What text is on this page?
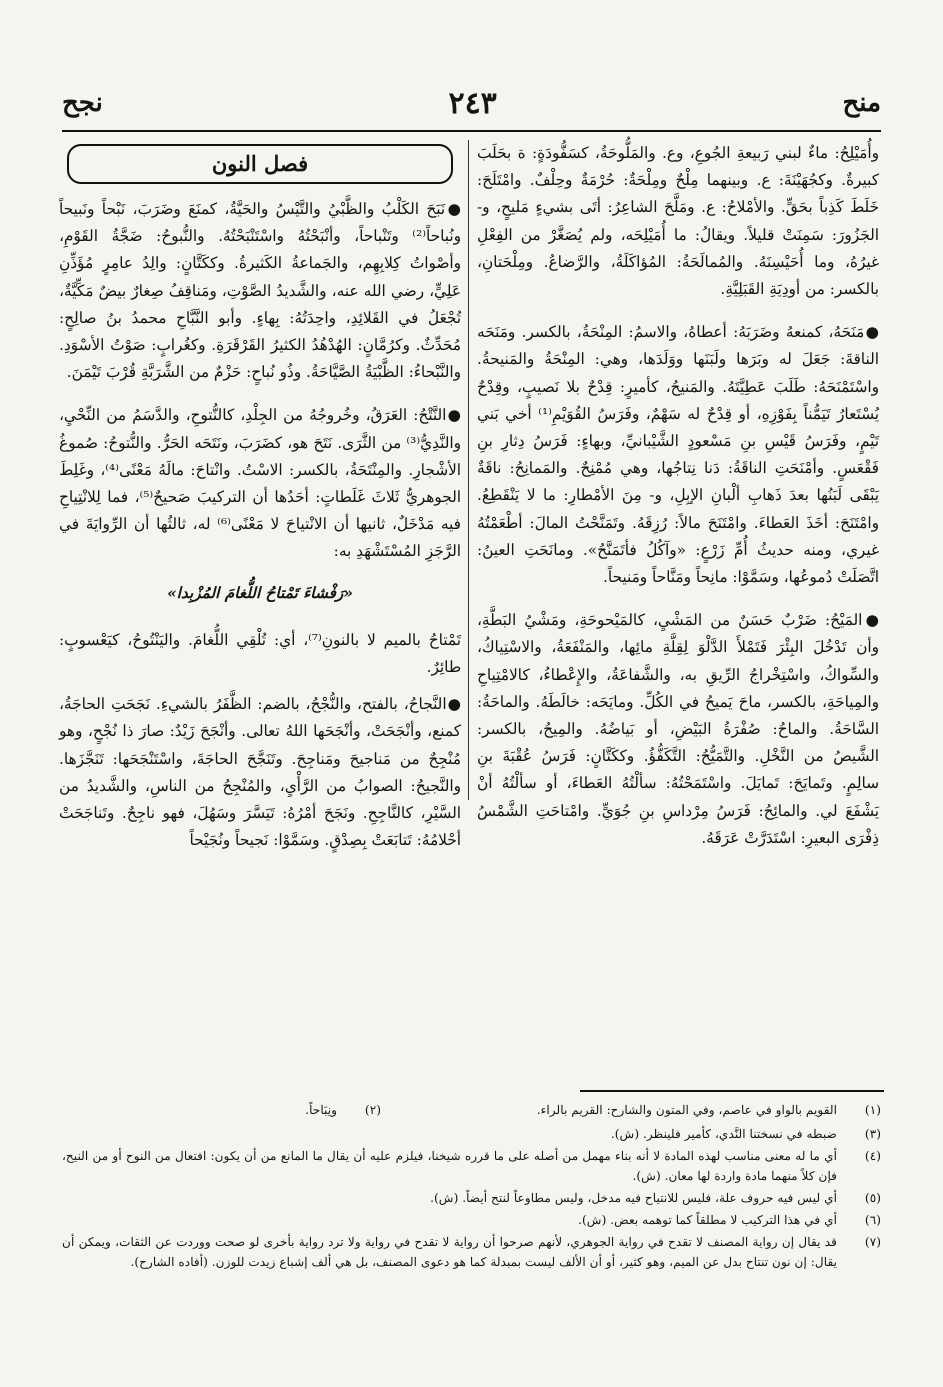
منح
٢٤٣
نجح

وأُمَيْلِحُ: ماءٌ لبني رَبيعةِ الجُوعِ، وع. والمَلُّوحَةُ، كسَفُّودَةٍ: ة بحَلَبَ كبيرةٌ. وكجُهَيْنَةَ: ع. وبينهما مِلْحٌ ومِلْحَةٌ: حُرْمَةٌ وحِلْفٌ. وامْتَلَحَ: خَلَطَ كَذِباً بحَقٍّ. والأمْلاحُ: ع. ومَلَّحَ الشاعِرُ: أتَى بشيءٍ مَليحٍ، و- الجَزُورَ: سَمِنَتْ قليلاً. ويقالُ: ما أُمَيْلِحَه، ولم يُصَغَّرْ من الفِعْلِ غيرُهُ، وما أُحَيْسِنَهُ. والمُمالَحَةُ: المُؤاكَلَةُ، والرَّضاعُ. ومِلْحَتانِ، بالكسر: من أودِيَةِ القَبَلِيَّةِ.

●مَنَحَهُ، كمنعهُ وضَرَبَهُ: أعطاهُ، والاسمُ: المِنْحَةُ، بالكسر. ومَنَحَه الناقةَ: جَعَلَ له وبَرَها ولَبَنَها ووَلَدَها، وهي: المِنْحَةُ والمَنيحةُ. واسْتَمْنَحَهُ: طَلَبَ عَطِيَّتَهُ. والمَنيحُ، كأميرٍ: قِدْحٌ بلا نَصيبٍ، وقِدْحٌ يُسْتَعارُ تَيَمُّناً بِفَوْزِهِ، أو قِدْحٌ له سَهْمٌ، وفَرَسُ القُوَيْمِ⁽¹⁾ أخي بَني تَيْمٍ، وفَرَسُ قَيْسِ بنِ مَسْعودٍ الشَّيْبانيِّ، وبهاءٍ: فَرَسُ دِثارِ بنِ فَقْعَسٍ. وأمْنَحَتِ الناقَةُ: دَنا نِتاجُها، وهي مُمْنِحٌ. والمَمانِحُ: ناقَةٌ يَبْقَى لَبَنُها بعدَ ذَهابِ ألْبانِ الإبِلِ، و- مِنَ الأمْطارِ: ما لا يَنْقَطِعُ. وامْتَنَحَ: أخَذَ العَطاءَ. وامْتَنَحَ مالاً: رُزِقَهُ. وتَمَنَّحْتُ المالَ: أطْعَمْتُهُ غيري، ومنه حديثُ أُمِّ زَرْعٍ: «وآكُلُ فأتَمَنَّحُ». ومانَحَتِ العينُ: اتَّصَلَتْ دُموعُها، وسَمَّوْا: مانِحاً ومَنَّاحاً ومَنيحاً.

●المَيْحُ: ضَرْبٌ حَسَنٌ من المَشْيِ، كالمَيْحوحَةِ، ومَشْيُ البَطَّةِ، وأن تَدْخُلَ البِئْرَ فَتَمْلأَ الدَّلْوَ لِقِلَّةِ مائِها، والمَنْفَعَةُ، والاسْتِياكُ، والسِّواكُ، واسْتِخْراجُ الرِّيقِ به، والشَّفاعَةُ، والإِعْطاءُ، كالامْتِياحِ والمِياحَةِ، بالكسر، ماحَ يَميحُ في الكُلِّ. ومايَحَه: خالَطَهُ. والماحَةُ: السَّاحَةُ. والماحُ: صُفْرَةُ البَيْضِ، أو بَياضُهُ. والمِيحُ، بالكسر: الشَّيصُ من النَّخْلِ. والتَّمَيُّحُ: التَّكَفُّؤُ. وككَتَّانٍ: فَرَسُ عُقْبَةَ بنِ سالِمٍ. وتَمايَحَ: تَمايَلَ. واسْتَمَحْتُهُ: سألْتُهُ العَطاءَ، أو سألْتُهُ أنْ يَشْفَعَ لي. والمائِحُ: فَرَسُ مِرْداسِ بنِ جُوَيٍّ. وامْتاحَتِ الشَّمْسُ ذِفْرَى البعيرِ: اسْتَدَرَّتْ عَرَقَهُ.

فصل النون

●نَبَحَ الكَلْبُ والظَّبْيُ والتَّيْسُ والحَيَّةُ، كمنَعَ وضَرَبَ، نَبْحاً ونَبيحاً ونُباحاً⁽²⁾ وتَنْباحاً، وأنْبَحْتُهُ واسْتَنْبَحْتُهُ. والنُّبوحُ: ضَجَّةُ القَوْمِ، وأصْواتُ كِلابِهِم، والجَماعةُ الكَثيرةُ. وككَتَّانٍ: والِدُ عامِرٍ مُؤَذِّنِ عَلِيٍّ، رضي الله عنه، والشَّديدُ الصَّوْتِ، ومَناقِفُ صِغارٌ بيضٌ مَكِّيَّةٌ، تُجْعَلُ في القَلائِدِ، واحِدَتُهُ: بِهاءٍ. وأبو النَّبَّاحِ محمدُ بنُ صالِحٍ: مُحَدِّثٌ. وكرُمَّانٍ: الهُدْهُدُ الكثيرُ القَرْقَرَةِ. وكغُرابٍ: صَوْتُ الأسْوَدِ. والنَّبْحاءُ: الظَّبْيَةُ الصَّيَّاحَةُ. وذُو نُباحٍ: حَزْمٌ من الشَّرَبَّةِ قُرْبَ تَيْمَنَ.

●النَّتْحُ: العَرَقُ، وخُروجُهُ من الجِلْدِ، كالنُّتوحِ، والدَّسَمُ من النِّحْيِ، والنَّدِيُّ⁽³⁾ من الثَّرَى. نَتَحَ هو، كضَرَبَ، ونَتَحَه الحَرُّ. والنُّتوحُ: صُموغُ الأشْجارِ. والمِنْتَحَةُ، بالكسر: الاسْتُ. وانْتاحَ: مالَهُ مَعْنًى⁽⁴⁾، وغَلِطَ الجوهريُّ ثَلاثَ غَلَطاتٍ: أحَدُها أن التركيبَ صَحيحٌ⁽⁵⁾، فما لِلانْتِياحِ فيه مَدْخَلٌ، ثانيها أن الانْتياحَ لا مَعْنًى⁽⁶⁾ له، ثالثُها أن الرِّوايَةَ في الرَّجَزِ المُسْتَشْهَدِ به:

«رَفْشاءَ تَمْتاحُ اللُّغامَ المُزْبِدا»

تَمْتاحُ بالميم لا بالنونِ⁽⁷⁾، أي: تُلْقِي اللُّغامَ. واليَنْتُوحُ، كيَعْسوبٍ: طائِرٌ.

●النَّجاحُ، بالفتح، والنُّجْحُ، بالضم: الظَّفَرُ بالشيءِ. نَجَحَتِ الحاجَةُ، كمنع، وأنْجَحَتْ، وأنْجَحَها اللهُ تعالى. وأنْجَحَ زَيْدٌ: صارَ ذا نُجْحٍ، وهو مُنْجِحٌ من مَناجيحَ ومَناجِحَ. وتَنَجَّحَ الحاجَةَ، واسْتَنْجَحَها: تَنَجَّزَها. والنَّجيحُ: الصوابُ من الرَّأْيِ، والمُنْجِحُ من الناسِ، والشَّديدُ من السَّيْرِ، كالنَّاجِحِ. ونَجَحَ أمْرُهُ: تَيَسَّرَ وسَهُلَ، فهو ناجِحٌ. وتَناجَحَتْ أحْلامُهُ: تَتابَعَتْ بِصِدْقٍ. وسَمَّوْا: نَجيحاً ونُجَيْحاً

(١)
القويم بالواو في عاصم، وفي المتون والشارح: القريم بالراء.
(٢)
ونِبَاحاً.
(٣)
ضبطه في نسختنا النَّدي، كأمير فلينظر. (ش).
(٤)
أي ما له معنى مناسب لهذه المادة لا أنه بناء مهمل من أصله على ما قرره شيخنا، فيلزم عليه أن يقال ما المانع من أن يكون: افتعال من النوح أو من النيح، فإن كلاً منهما مادة واردة لها معان. (ش).
(٥)
أي ليس فيه حروف علة، فليس للانتياح فيه مدخل، وليس مطاوعاً لنتح أيضاً. (ش).
(٦)
أي في هذا التركيب لا مطلقاً كما توهمه بعض. (ش).
(٧)
قد يقال إن رواية المصنف لا تقدح في رواية الجوهري، لأنهم صرحوا أن رواية لا تقدح في رواية ولا ترد رواية بأخرى لو صحت ووردت عن الثقات، ويمكن أن يقال: إن نون تنتاح بدل عن الميم، وهو كثير، أو أن الألف ليست بمبدلة كما هو دعوى المصنف، بل هي ألف إشباع زيدت للوزن. (أفاده الشارح).
